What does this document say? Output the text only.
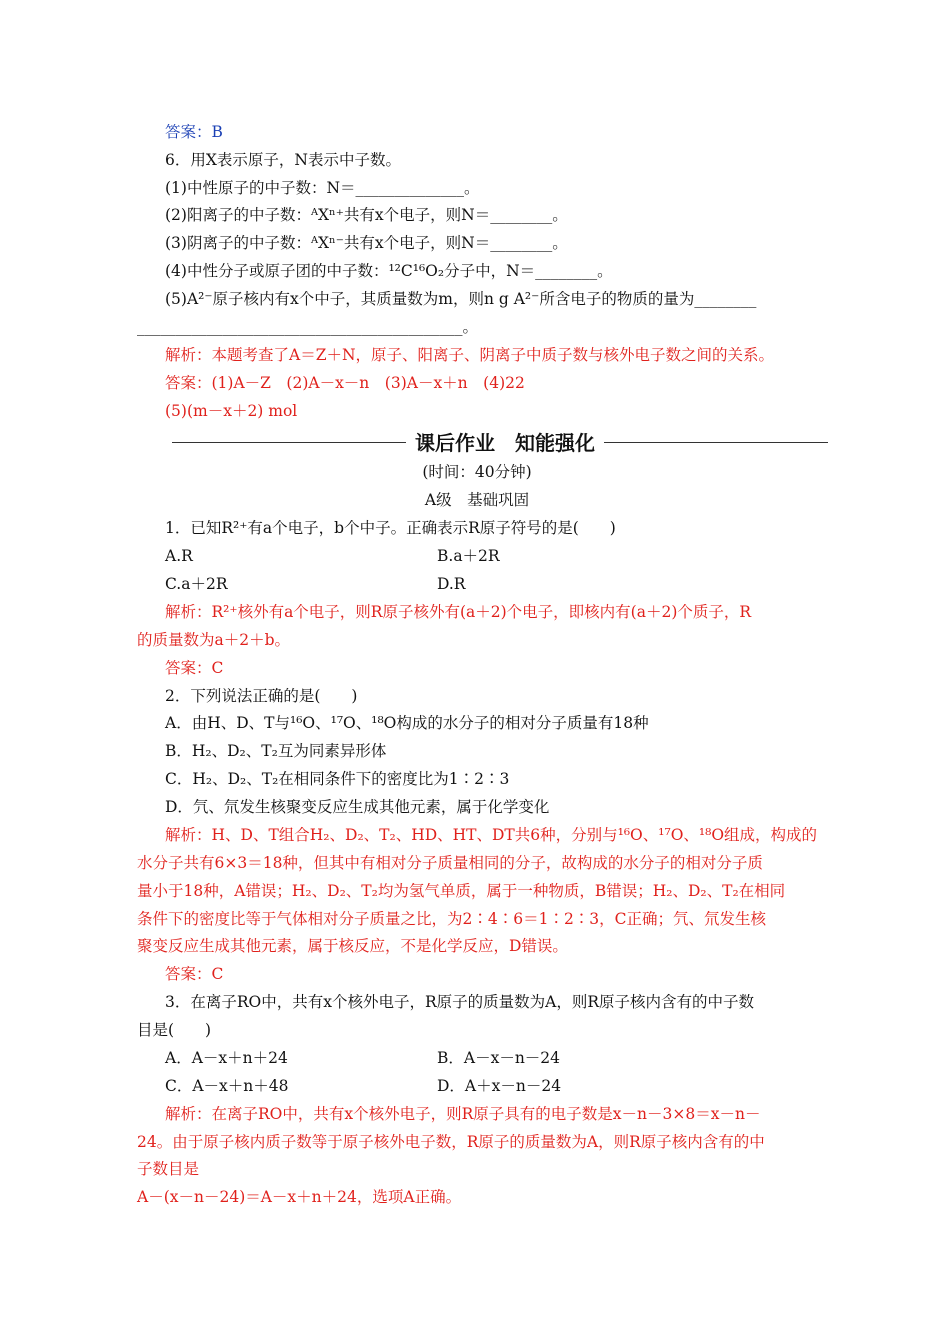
答案：B
6．用X表示原子，N表示中子数。
(1)中性原子的中子数：N＝______________。
(2)阳离子的中子数：ᴬXⁿ⁺共有x个电子，则N＝________。
(3)阴离子的中子数：ᴬXⁿ⁻共有x个电子，则N＝________。
(4)中性分子或原子团的中子数：¹²C¹⁶O₂分子中，N＝________。
(5)A²⁻原子核内有x个中子，其质量数为m，则n g A²⁻所含电子的物质的量为________
__________________________________________。
解析：本题考查了A＝Z＋N，原子、阳离子、阴离子中质子数与核外电子数之间的关系。
答案：(1)A－Z　(2)A－x－n　(3)A－x＋n　(4)22
(5)(m－x＋2) mol
课后作业　知能强化
(时间：40分钟)
A级　基础巩固
1．已知R²⁺有a个电子，b个中子。正确表示R原子符号的是(　　)
A.R	B.a＋2R
C.a＋2R	D.R
解析：R²⁺核外有a个电子，则R原子核外有(a＋2)个电子，即核内有(a＋2)个质子，R
的质量数为a＋2＋b。
答案：C
2．下列说法正确的是(　　)
A．由H、D、T与¹⁶O、¹⁷O、¹⁸O构成的水分子的相对分子质量有18种
B．H₂、D₂、T₂互为同素异形体
C．H₂、D₂、T₂在相同条件下的密度比为1∶2∶3
D．氕、氘发生核聚变反应生成其他元素，属于化学变化
解析：H、D、T组合H₂、D₂、T₂、HD、HT、DT共6种，分别与¹⁶O、¹⁷O、¹⁸O组成，构成的
水分子共有6×3＝18种，但其中有相对分子质量相同的分子，故构成的水分子的相对分子质
量小于18种，A错误；H₂、D₂、T₂均为氢气单质，属于一种物质，B错误；H₂、D₂、T₂在相同
条件下的密度比等于气体相对分子质量之比，为2∶4∶6＝1∶2∶3，C正确；氕、氘发生核
聚变反应生成其他元素，属于核反应，不是化学反应，D错误。
答案：C
3．在离子RO中，共有x个核外电子，R原子的质量数为A，则R原子核内含有的中子数
目是(　　)
A．A－x＋n＋24	B．A－x－n－24
C．A－x＋n＋48	D．A＋x－n－24
解析：在离子RO中，共有x个核外电子，则R原子具有的电子数是x－n－3×8＝x－n－
24。由于原子核内质子数等于原子核外电子数，R原子的质量数为A，则R原子核内含有的中
子数目是
A－(x－n－24)＝A－x＋n＋24，选项A正确。
